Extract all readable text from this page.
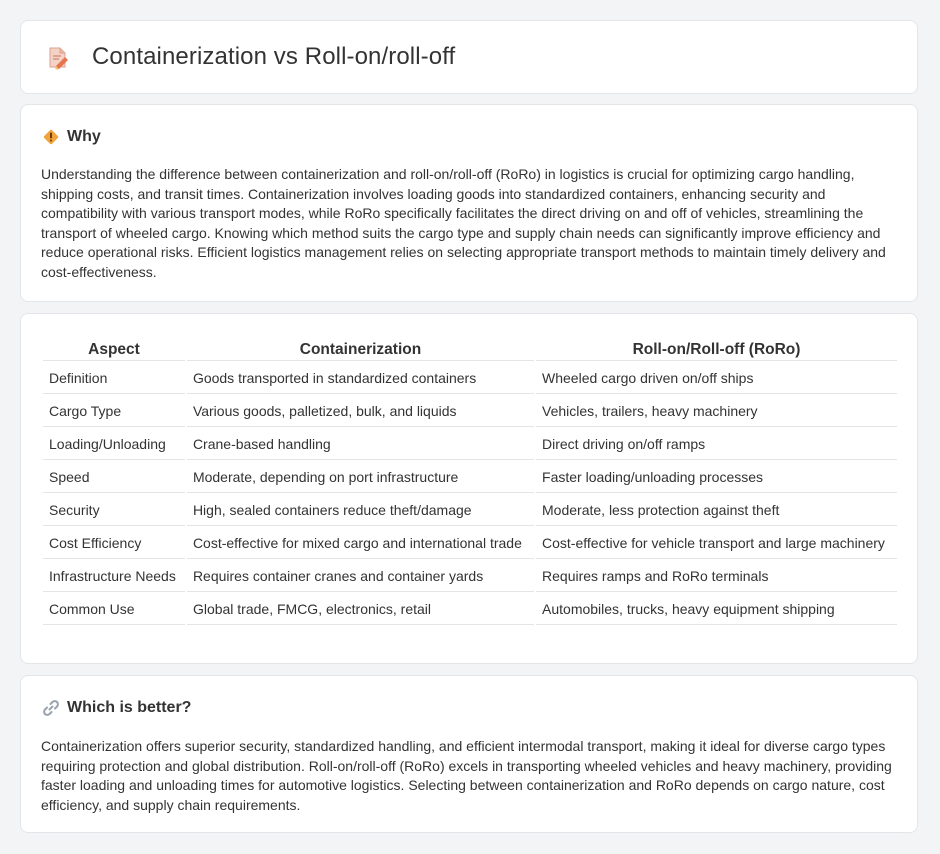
Containerization vs Roll-on/roll-off
Why

Understanding the difference between containerization and roll-on/roll-off (RoRo) in logistics is crucial for optimizing cargo handling, shipping costs, and transit times. Containerization involves loading goods into standardized containers, enhancing security and compatibility with various transport modes, while RoRo specifically facilitates the direct driving on and off of vehicles, streamlining the transport of wheeled cargo. Knowing which method suits the cargo type and supply chain needs can significantly improve efficiency and reduce operational risks. Efficient logistics management relies on selecting appropriate transport methods to maintain timely delivery and cost-effectiveness.

Aspect	Containerization	Roll-on/Roll-off (RoRo)
Definition	Goods transported in standardized containers	Wheeled cargo driven on/off ships
Cargo Type	Various goods, palletized, bulk, and liquids	Vehicles, trailers, heavy machinery
Loading/Unloading	Crane-based handling	Direct driving on/off ramps
Speed	Moderate, depending on port infrastructure	Faster loading/unloading processes
Security	High, sealed containers reduce theft/damage	Moderate, less protection against theft
Cost Efficiency	Cost-effective for mixed cargo and international trade	Cost-effective for vehicle transport and large machinery
Infrastructure Needs	Requires container cranes and container yards	Requires ramps and RoRo terminals
Common Use	Global trade, FMCG, electronics, retail	Automobiles, trucks, heavy equipment shipping
Which is better?

Containerization offers superior security, standardized handling, and efficient intermodal transport, making it ideal for diverse cargo types requiring protection and global distribution. Roll-on/roll-off (RoRo) excels in transporting wheeled vehicles and heavy machinery, providing faster loading and unloading times for automotive logistics. Selecting between containerization and RoRo depends on cargo nature, cost efficiency, and supply chain requirements.
